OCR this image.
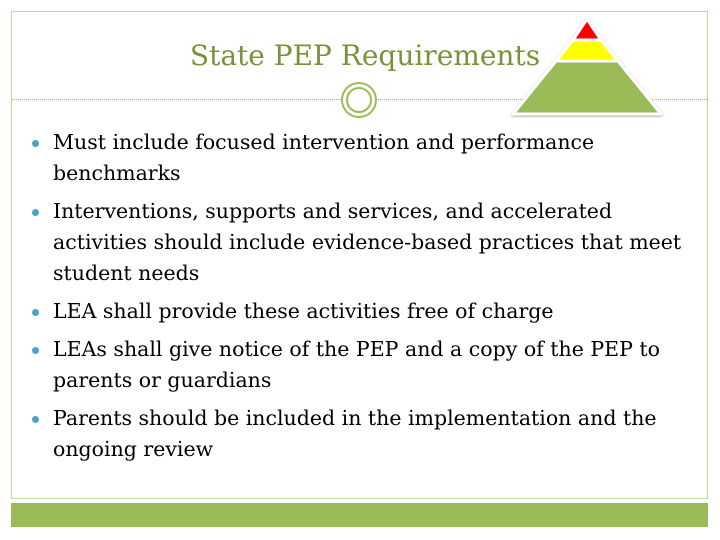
State PEP Requirements
Must include focused intervention and performance benchmarks
Interventions, supports and services, and accelerated activities should include evidence-based practices that meet student needs
LEA shall provide these activities free of charge
LEAs shall give notice of the PEP and a copy of the PEP to parents or guardians
Parents should be included in the implementation and the ongoing review
